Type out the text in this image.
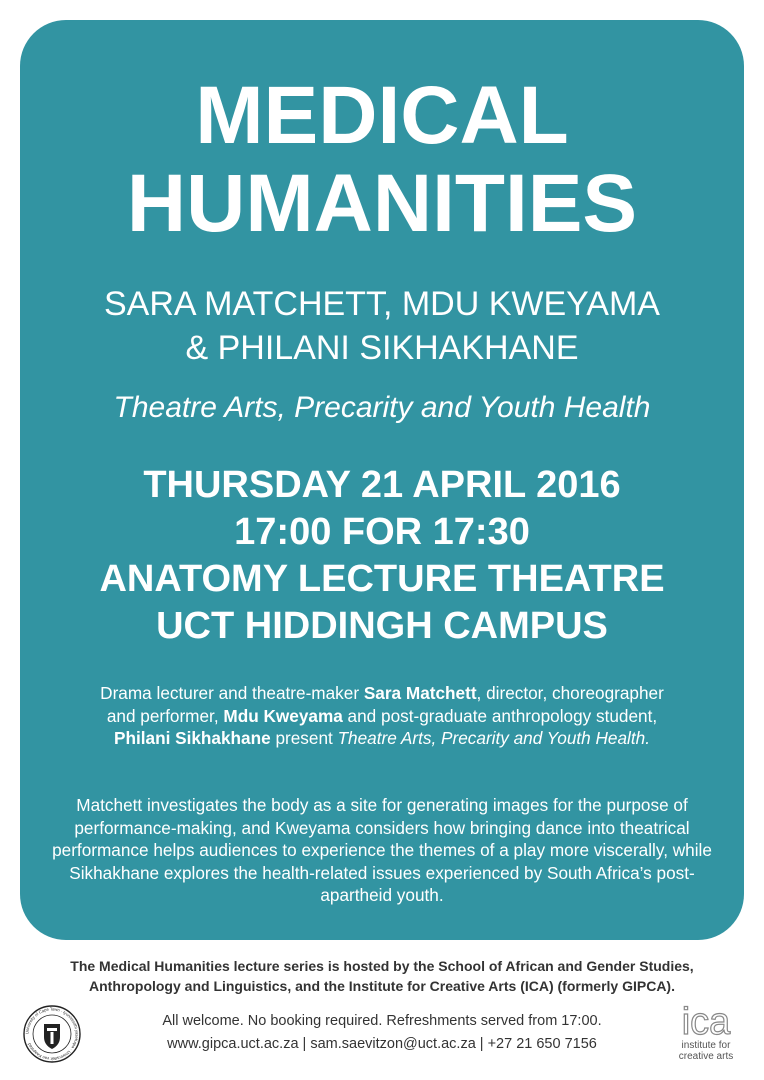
MEDICAL
HUMANITIES
SARA MATCHETT, MDU KWEYAMA
& PHILANI SIKHAKHANE
Theatre Arts, Precarity and Youth Health
THURSDAY 21 APRIL 2016
17:00 FOR 17:30
ANATOMY LECTURE THEATRE
UCT HIDDINGH CAMPUS

Drama lecturer and theatre-maker Sara Matchett, director, choreographer and performer, Mdu Kweyama and post-graduate anthropology student, Philani Sikhakhane present Theatre Arts, Precarity and Youth Health.

Matchett investigates the body as a site for generating images for the purpose of performance-making, and Kweyama considers how bringing dance into theatrical performance helps audiences to experience the themes of a play more viscerally, while Sikhakhane explores the health-related issues experienced by South Africa’s post-apartheid youth.

The Medical Humanities lecture series is hosted by the School of African and Gender Studies,
Anthropology and Linguistics, and the Institute for Creative Arts (ICA) (formerly GIPCA).
University of Cape Town · Iyunivesithi yaseKapa · Universiteit van Kaapstad
All welcome. No booking required. Refreshments served from 17:00.
www.gipca.uct.ac.za | sam.saevitzon@uct.ac.za | +27 21 650 7156
ica
institute for
creative arts
